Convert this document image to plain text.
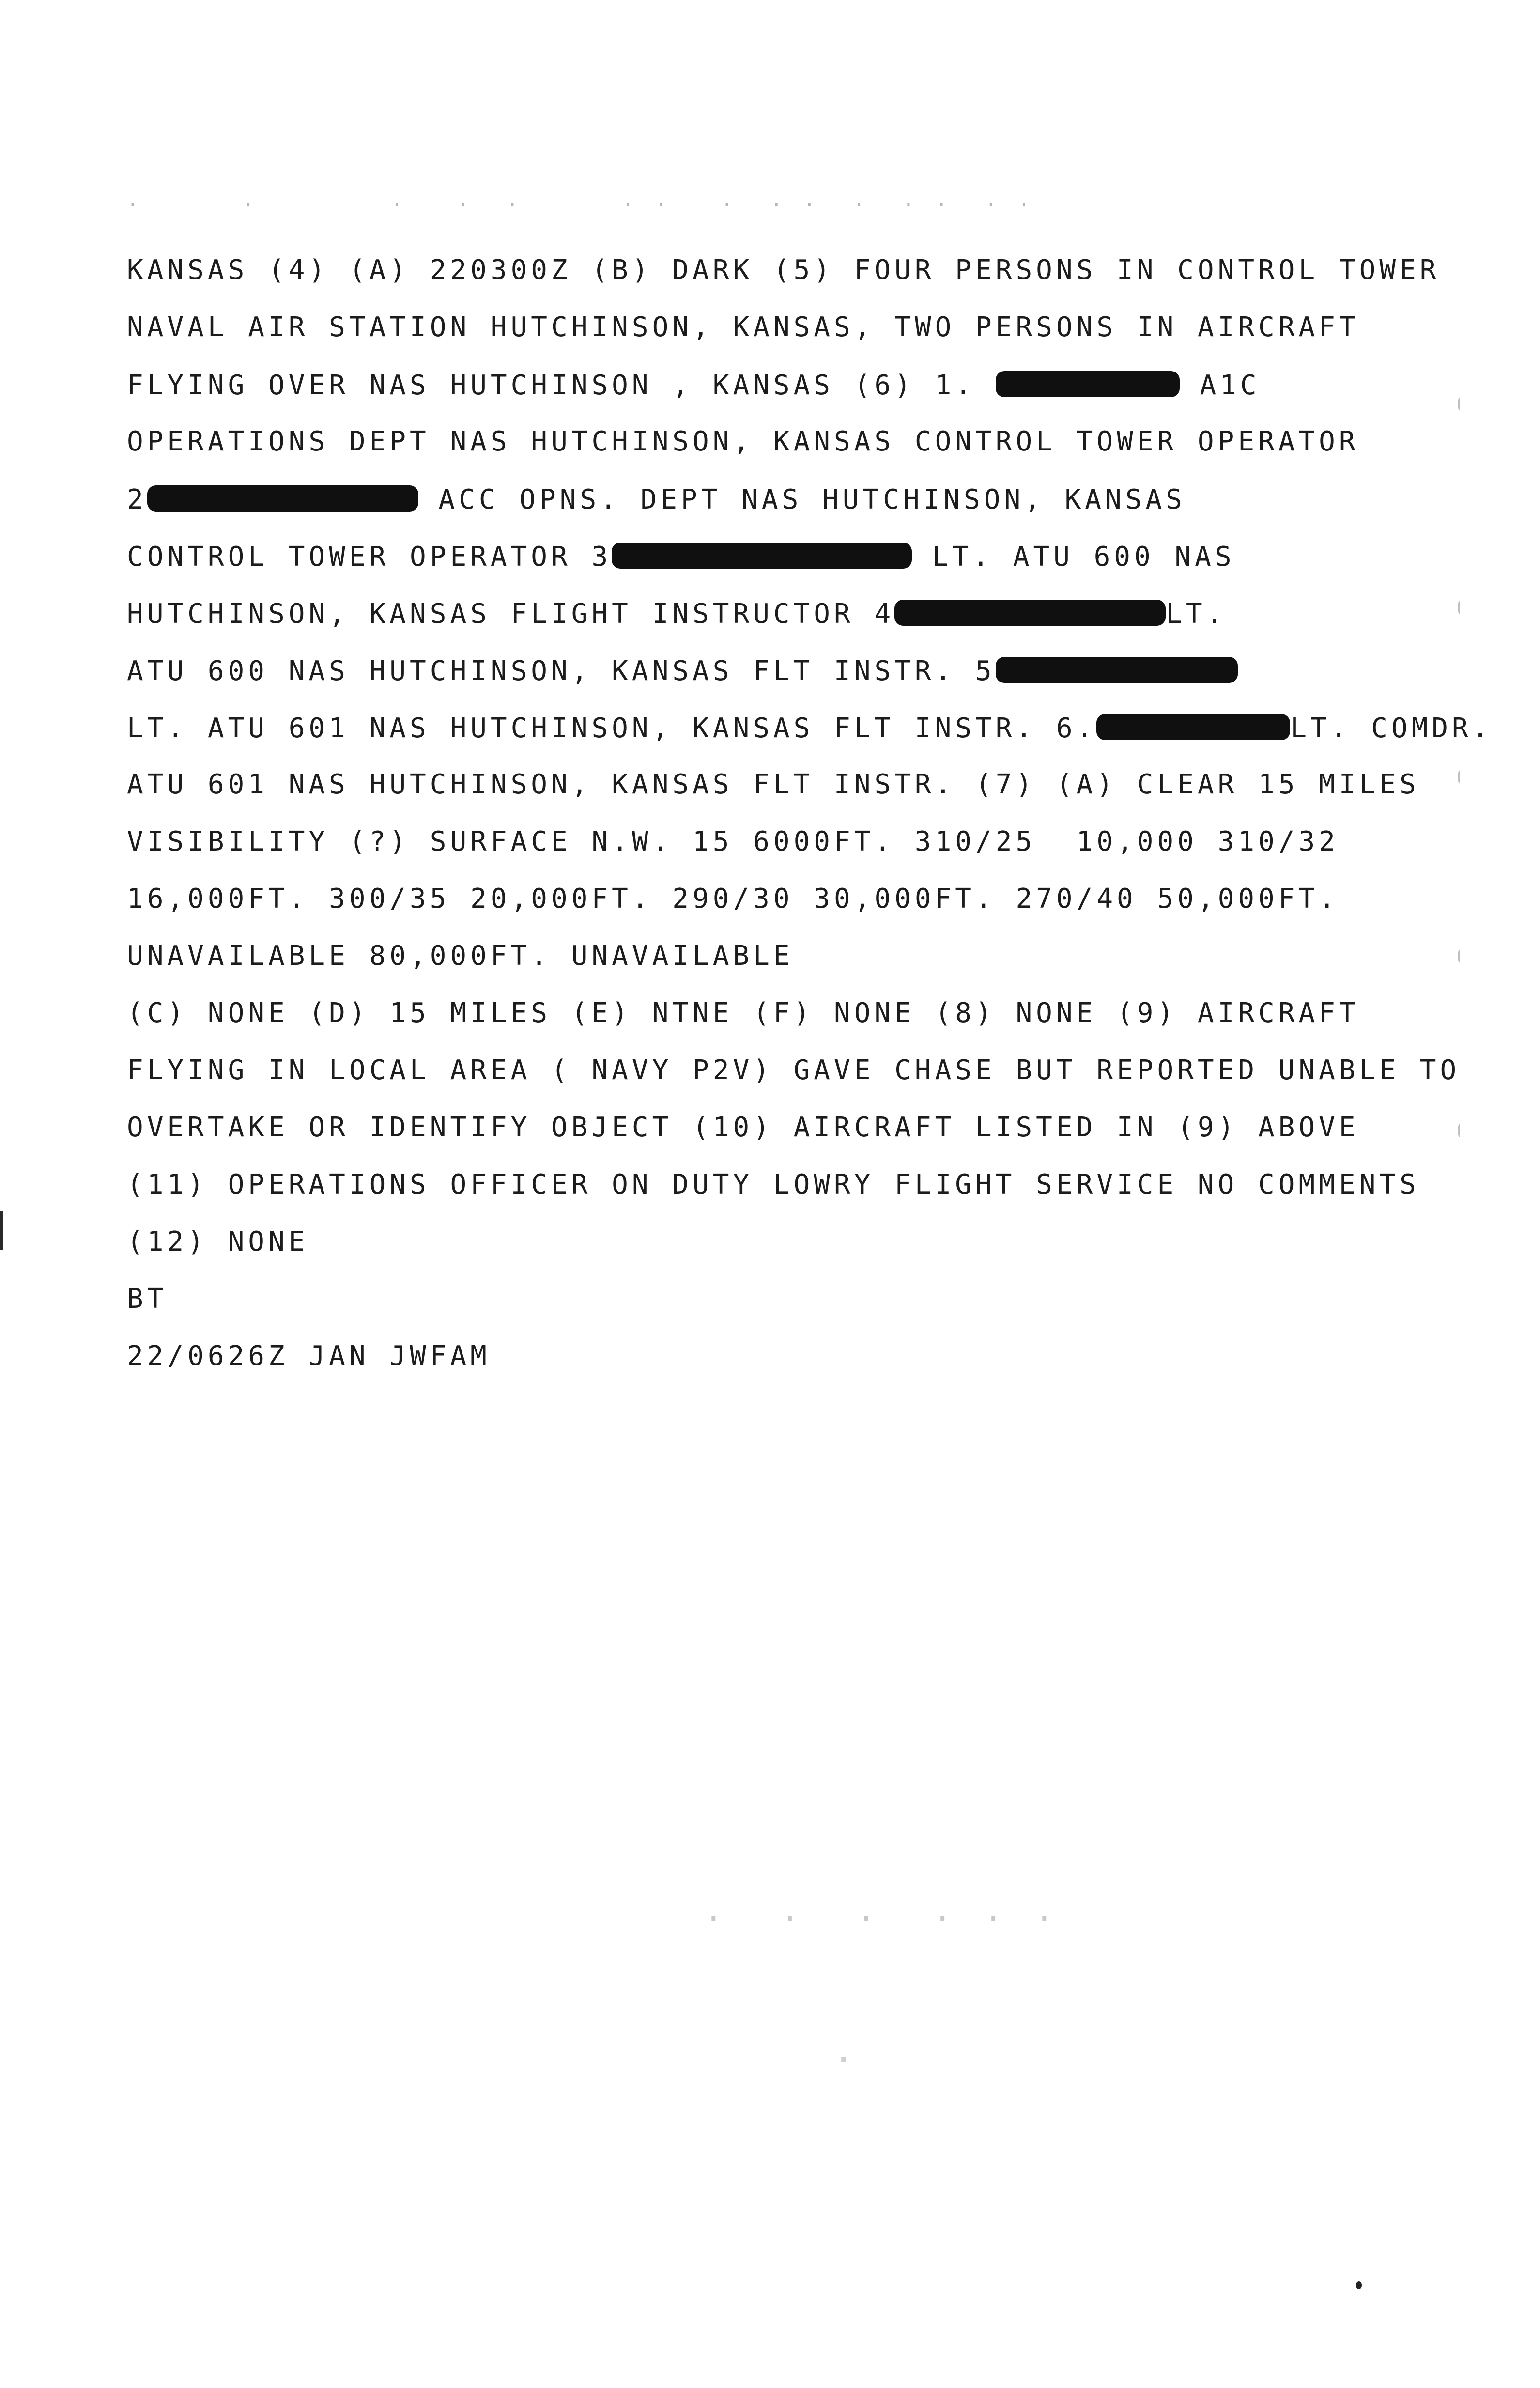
.      .        .   .  .      . .   .  . .  .  . .  . .
KANSAS (4) (A) 220300Z (B) DARK (5) FOUR PERSONS IN CONTROL TOWER
NAVAL AIR STATION HUTCHINSON, KANSAS, TWO PERSONS IN AIRCRAFT
FLYING OVER NAS HUTCHINSON , KANSAS (6) 1.	A1C
OPERATIONS DEPT NAS HUTCHINSON, KANSAS CONTROL TOWER OPERATOR
2	ACC OPNS. DEPT NAS HUTCHINSON, KANSAS
CONTROL TOWER OPERATOR 3	LT. ATU 600 NAS
HUTCHINSON, KANSAS FLIGHT INSTRUCTOR 4	LT.
ATU 600 NAS HUTCHINSON, KANSAS FLT INSTR. 5
LT. ATU 601 NAS HUTCHINSON, KANSAS FLT INSTR. 6.	LT. COMDR.
ATU 601 NAS HUTCHINSON, KANSAS FLT INSTR. (7) (A) CLEAR 15 MILES
VISIBILITY (?) SURFACE N.W. 15 6000FT. 310/25  10,000 310/32
16,000FT. 300/35 20,000FT. 290/30 30,000FT. 270/40 50,000FT.
UNAVAILABLE 80,000FT. UNAVAILABLE
(C) NONE (D) 15 MILES (E) NTNE (F) NONE (8) NONE (9) AIRCRAFT
FLYING IN LOCAL AREA ( NAVY P2V) GAVE CHASE BUT REPORTED UNABLE TO
OVERTAKE OR IDENTIFY OBJECT (10) AIRCRAFT LISTED IN (9) ABOVE
(11) OPERATIONS OFFICER ON DUTY LOWRY FLIGHT SERVICE NO COMMENTS
(12) NONE
BT
22/0626Z JAN JWFAM
. . .  .  .  .
.
